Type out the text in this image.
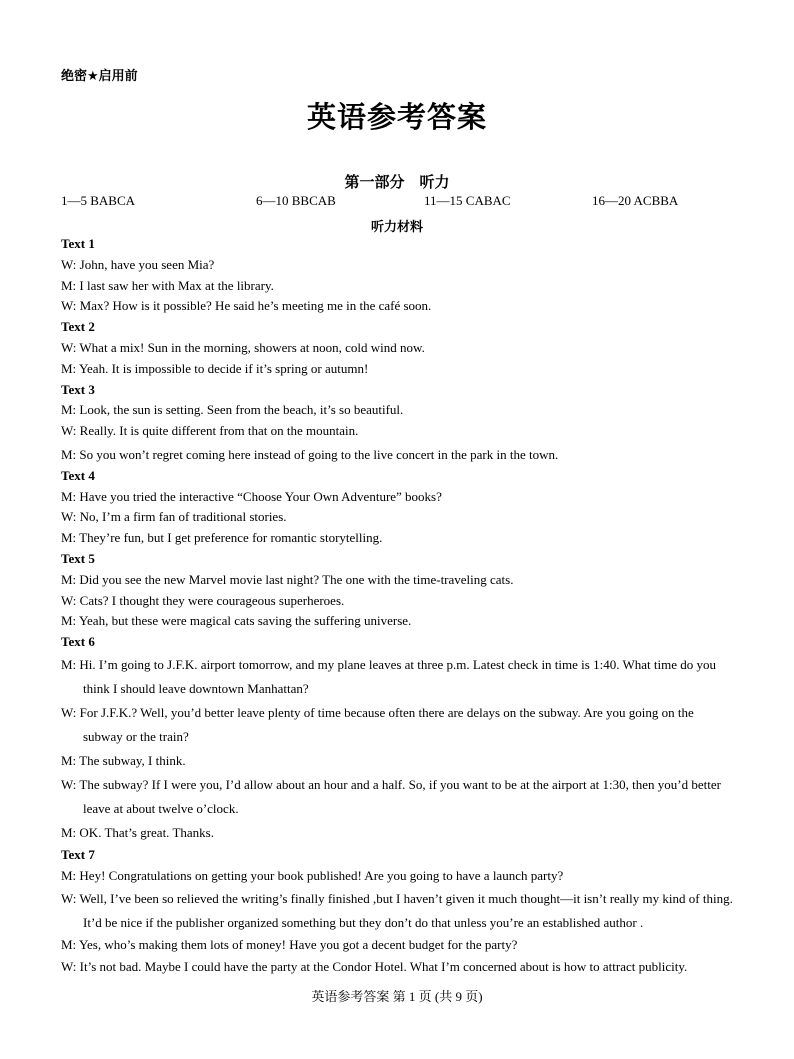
绝密★启用前
英语参考答案
第一部分　听力
1—5 BABCA	6—10 BBCAB	11—15 CABAC	16—20 ACBBA
听力材料
Text 1
W: John, have you seen Mia?
M: I last saw her with Max at the library.
W: Max? How is it possible? He said he’s meeting me in the café soon.
Text 2
W: What a mix! Sun in the morning, showers at noon, cold wind now.
M: Yeah. It is impossible to decide if it’s spring or autumn!
Text 3
M: Look, the sun is setting. Seen from the beach, it’s so beautiful.
W: Really. It is quite different from that on the mountain.
M: So you won’t regret coming here instead of going to the live concert in the park in the town.
Text 4
M: Have you tried the interactive “Choose Your Own Adventure” books?
W: No, I’m a firm fan of traditional stories.
M: They’re fun, but I get preference for romantic storytelling.
Text 5
M: Did you see the new Marvel movie last night? The one with the time-traveling cats.
W: Cats? I thought they were courageous superheroes.
M: Yeah, but these were magical cats saving the suffering universe.
Text 6
M: Hi. I’m going to J.F.K. airport tomorrow, and my plane leaves at three p.m. Latest check in time is 1:40. What time do you think I should leave downtown Manhattan?
W: For J.F.K.? Well, you’d better leave plenty of time because often there are delays on the subway. Are you going on the subway or the train?
M: The subway, I think.
W: The subway? If I were you, I’d allow about an hour and a half. So, if you want to be at the airport at 1:30, then you’d better leave at about twelve o’clock.
M: OK. That’s great. Thanks.
Text 7
M: Hey! Congratulations on getting your book published! Are you going to have a launch party?
W: Well, I’ve been so relieved the writing’s finally finished ,but I haven’t given it much thought—it isn’t really my kind of thing. It’d be nice if the publisher organized something but they don’t do that unless you’re an established author .
M: Yes, who’s making them lots of money! Have you got a decent budget for the party?
W: It’s not bad. Maybe I could have the party at the Condor Hotel. What I’m concerned about is how to attract publicity.
英语参考答案 第 1 页 (共 9 页)
